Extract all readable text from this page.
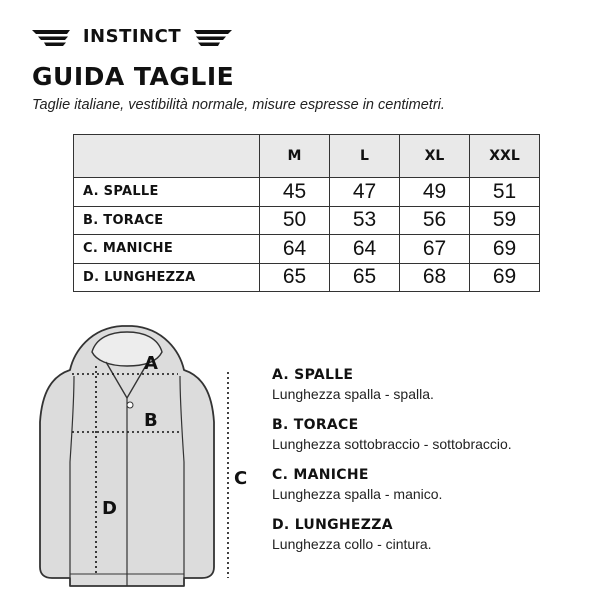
INSTINCT
GUIDA TAGLIE
Taglie italiane, vestibilità normale, misure espresse in centimetri.
	M	L	XL	XXL
A. SPALLE	45	47	49	51
B. TORACE	50	53	56	59
C. MANICHE	64	64	67	69
D. LUNGHEZZA	65	65	68	69
A
B
D
C
A. SPALLE
Lunghezza spalla - spalla.
B. TORACE
Lunghezza sottobraccio - sottobraccio.
C. MANICHE
Lunghezza spalla - manico.
D. LUNGHEZZA
Lunghezza collo - cintura.
